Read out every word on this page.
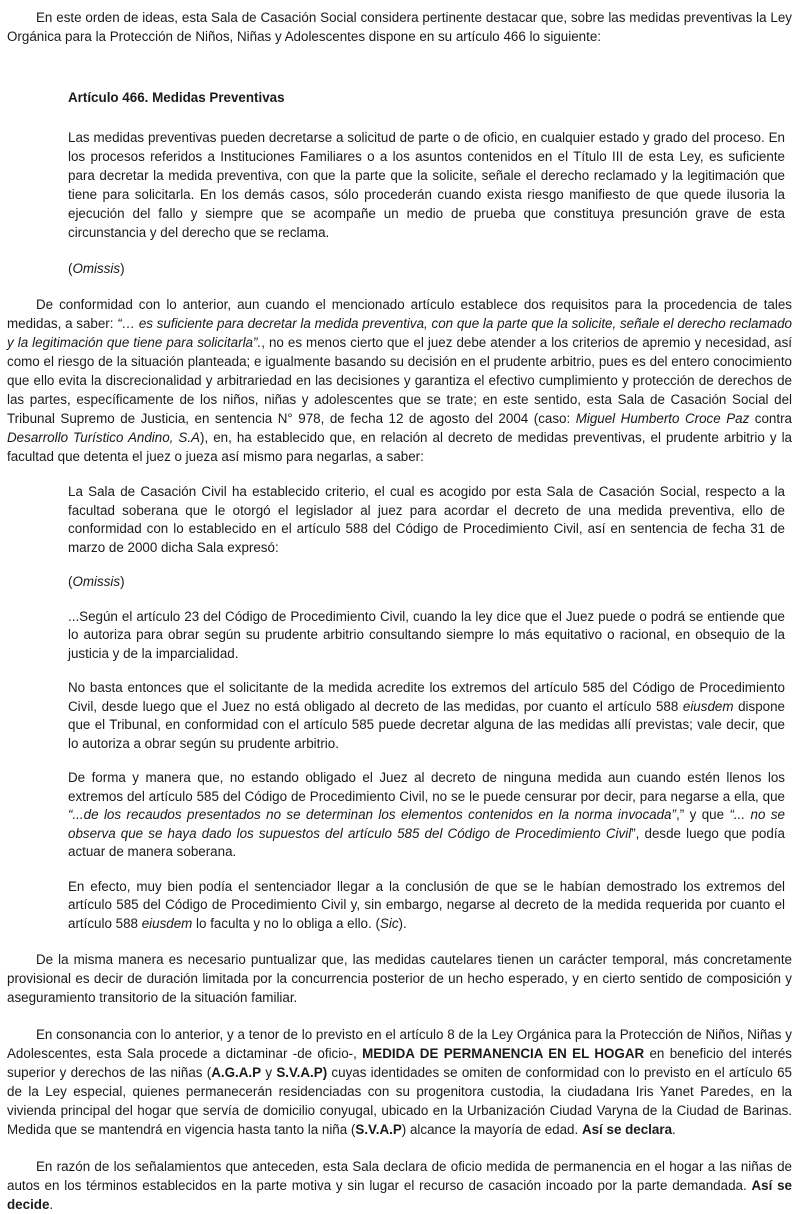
En este orden de ideas, esta Sala de Casación Social considera pertinente destacar que, sobre las medidas preventivas la Ley Orgánica para la Protección de Niños, Niñas y Adolescentes dispone en su artículo 466 lo siguiente:

Artículo 466. Medidas Preventivas

Las medidas preventivas pueden decretarse a solicitud de parte o de oficio, en cualquier estado y grado del proceso. En los procesos referidos a Instituciones Familiares o a los asuntos contenidos en el Título III de esta Ley, es suficiente para decretar la medida preventiva, con que la parte que la solicite, señale el derecho reclamado y la legitimación que tiene para solicitarla. En los demás casos, sólo procederán cuando exista riesgo manifiesto de que quede ilusoria la ejecución del fallo y siempre que se acompañe un medio de prueba que constituya presunción grave de esta circunstancia y del derecho que se reclama.

(Omissis)

De conformidad con lo anterior, aun cuando el mencionado artículo establece dos requisitos para la procedencia de tales medidas, a saber: “… es suficiente para decretar la medida preventiva, con que la parte que la solicite, señale el derecho reclamado y la legitimación que tiene para solicitarla”., no es menos cierto que el juez debe atender a los criterios de apremio y necesidad, así como el riesgo de la situación planteada; e igualmente basando su decisión en el prudente arbitrio, pues es del entero conocimiento que ello evita la discrecionalidad y arbitrariedad en las decisiones y garantiza el efectivo cumplimiento y protección de derechos de las partes, específicamente de los niños, niñas y adolescentes que se trate; en este sentido, esta Sala de Casación Social del Tribunal Supremo de Justicia, en sentencia N° 978, de fecha 12 de agosto del 2004 (caso: Miguel Humberto Croce Paz contra Desarrollo Turístico Andino, S.A), en, ha establecido que, en relación al decreto de medidas preventivas, el prudente arbitrio y la facultad que detenta el juez o jueza así mismo para negarlas, a saber:

La Sala de Casación Civil ha establecido criterio, el cual es acogido por esta Sala de Casación Social, respecto a la facultad soberana que le otorgó el legislador al juez para acordar el decreto de una medida preventiva, ello de conformidad con lo establecido en el artículo 588 del Código de Procedimiento Civil, así en sentencia de fecha 31 de marzo de 2000 dicha Sala expresó:

(Omissis)

...Según el artículo 23 del Código de Procedimiento Civil, cuando la ley dice que el Juez puede o podrá se entiende que lo autoriza para obrar según su prudente arbitrio consultando siempre lo más equitativo o racional, en obsequio de la justicia y de la imparcialidad.

No basta entonces que el solicitante de la medida acredite los extremos del artículo 585 del Código de Procedimiento Civil, desde luego que el Juez no está obligado al decreto de las medidas, por cuanto el artículo 588 eiusdem dispone que el Tribunal, en conformidad con el artículo 585 puede decretar alguna de las medidas allí previstas; vale decir, que lo autoriza a obrar según su prudente arbitrio.

De forma y manera que, no estando obligado el Juez al decreto de ninguna medida aun cuando estén llenos los extremos del artículo 585 del Código de Procedimiento Civil, no se le puede censurar por decir, para negarse a ella, que “...de los recaudos presentados no se determinan los elementos contenidos en la norma invocada”,” y que “... no se observa que se haya dado los supuestos del artículo 585 del Código de Procedimiento Civil”, desde luego que podía actuar de manera soberana.

En efecto, muy bien podía el sentenciador llegar a la conclusión de que se le habían demostrado los extremos del artículo 585 del Código de Procedimiento Civil y, sin embargo, negarse al decreto de la medida requerida por cuanto el artículo 588 eiusdem lo faculta y no lo obliga a ello. (Sic).

De la misma manera es necesario puntualizar que, las medidas cautelares tienen un carácter temporal, más concretamente provisional es decir de duración limitada por la concurrencia posterior de un hecho esperado, y en cierto sentido de composición y aseguramiento transitorio de la situación familiar.

En consonancia con lo anterior, y a tenor de lo previsto en el artículo 8 de la Ley Orgánica para la Protección de Niños, Niñas y Adolescentes, esta Sala procede a dictaminar -de oficio-, MEDIDA DE PERMANENCIA EN EL HOGAR en beneficio del interés superior y derechos de las niñas (A.G.A.P y S.V.A.P) cuyas identidades se omiten de conformidad con lo previsto en el artículo 65 de la Ley especial, quienes permanecerán residenciadas con su progenitora custodia, la ciudadana Iris Yanet Paredes, en la vivienda principal del hogar que servía de domicilio conyugal, ubicado en la Urbanización Ciudad Varyna de la Ciudad de Barinas. Medida que se mantendrá en vigencia hasta tanto la niña (S.V.A.P) alcance la mayoría de edad. Así se declara.

En razón de los señalamientos que anteceden, esta Sala declara de oficio medida de permanencia en el hogar a las niñas de autos en los términos establecidos en la parte motiva y sin lugar el recurso de casación incoado por la parte demandada. Así se decide.
